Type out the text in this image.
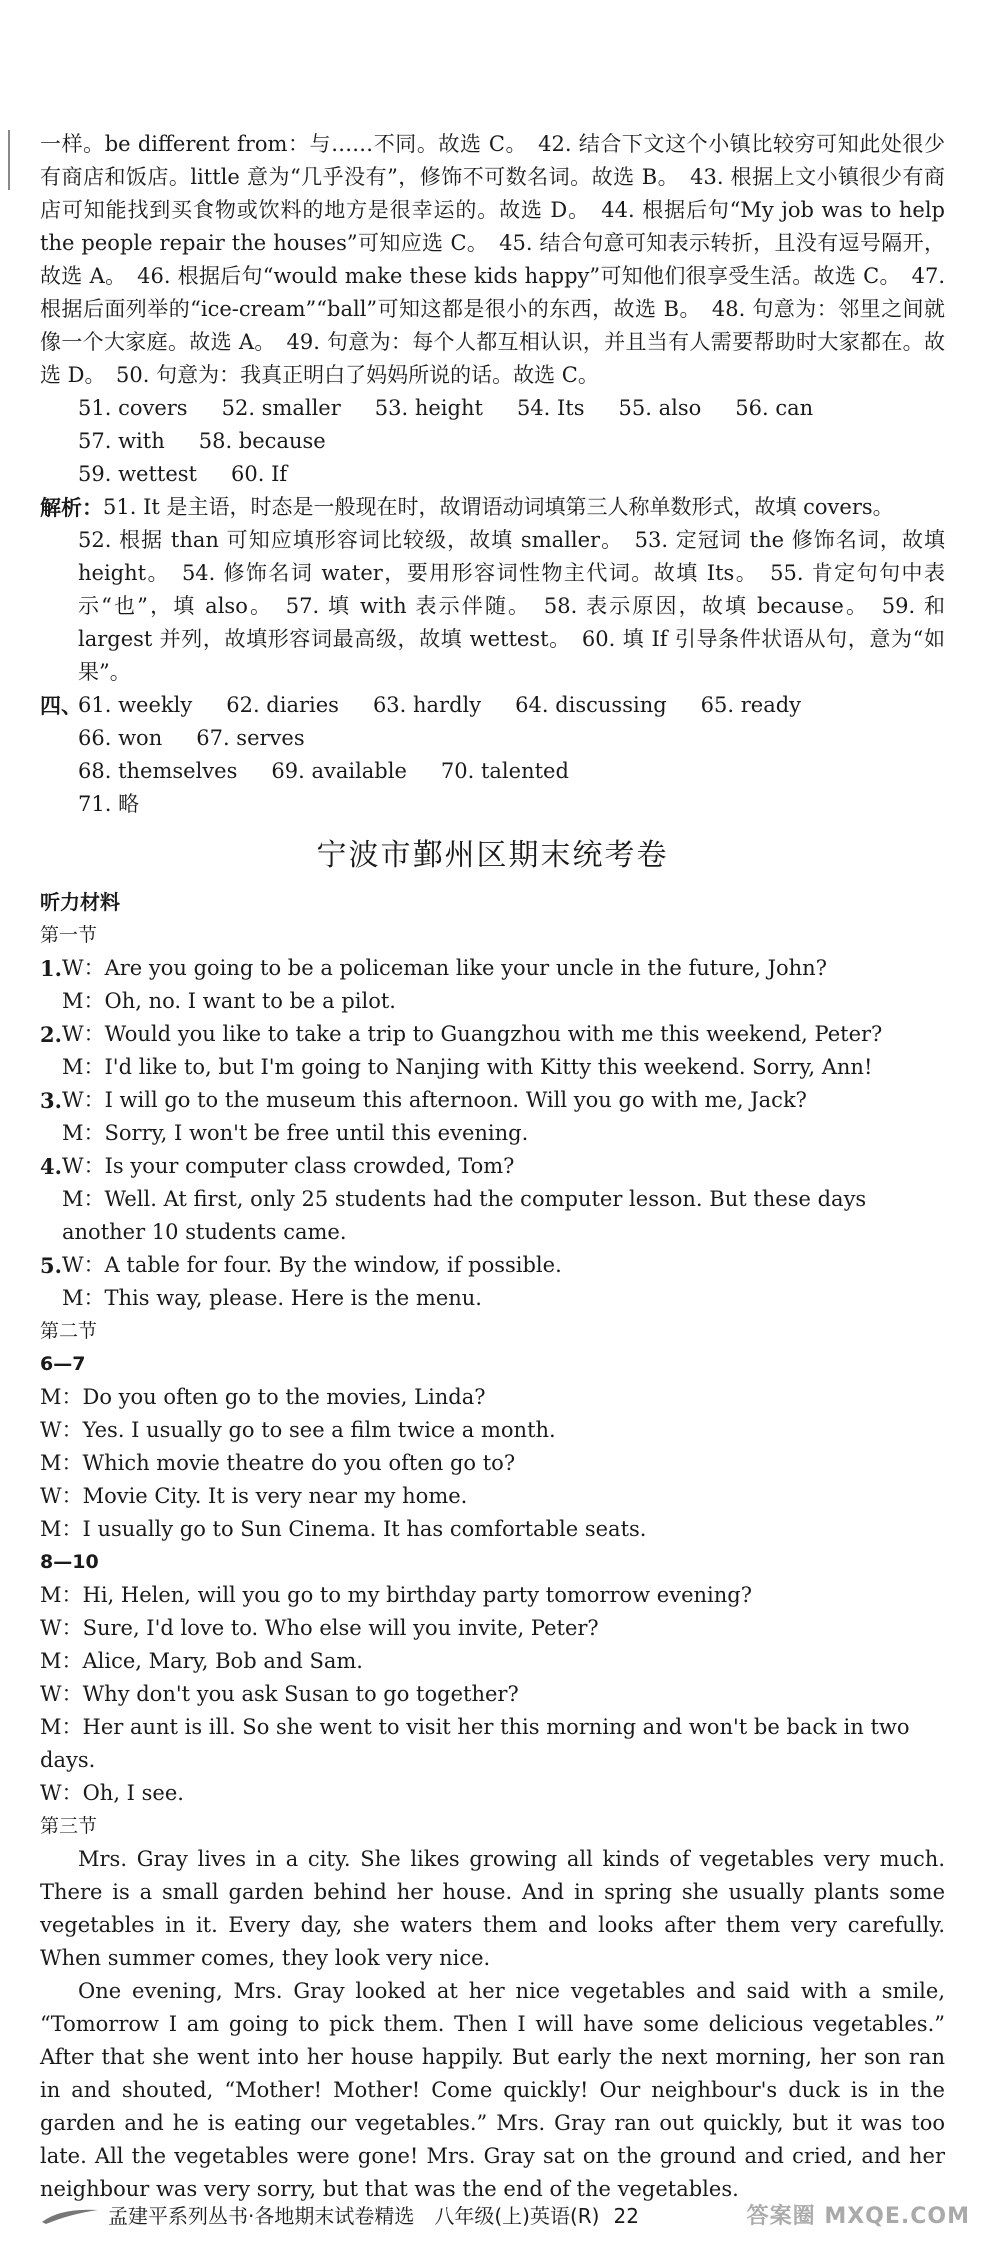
一样。be different from：与……不同。故选 C。　42. 结合下文这个小镇比较穷可知此处很少有商店和饭店。little 意为“几乎没有”，修饰不可数名词。故选 B。　43. 根据上文小镇很少有商店可知能找到买食物或饮料的地方是很幸运的。故选 D。　44. 根据后句“My job was to help the people repair the houses”可知应选 C。　45. 结合句意可知表示转折，且没有逗号隔开，故选 A。　46. 根据后句“would make these kids happy”可知他们很享受生活。故选 C。　47. 根据后面列举的“ice-cream”“ball”可知这都是很小的东西，故选 B。　48. 句意为：邻里之间就像一个大家庭。故选 A。　49. 句意为：每个人都互相认识，并且当有人需要帮助时大家都在。故选 D。　50. 句意为：我真正明白了妈妈所说的话。故选 C。

51. covers 52. smaller 53. height 54. Its 55. also 56. can
57. with 58. because
59. wettest 60. If
解析： 51. It 是主语，时态是一般现在时，故谓语动词填第三人称单数形式，故填 covers。

52. 根据 than 可知应填形容词比较级，故填 smaller。　53. 定冠词 the 修饰名词，故填 height。　54. 修饰名词 water，要用形容词性物主代词。故填 Its。　55. 肯定句句中表示“也”，填 also。　57. 填 with 表示伴随。　58. 表示原因，故填 because。　59. 和 largest 并列，故填形容词最高级，故填 wettest。　60. 填 If 引导条件状语从句，意为“如果”。

四、
61. weekly 62. diaries 63. hardly 64. discussing 65. ready
66. won 67. serves
68. themselves 69. available 70. talented

71. 略

宁波市鄞州区期末统考卷
听力材料
第一节
1. W：Are you going to be a policeman like your uncle in the future, John?
M：Oh, no. I want to be a pilot.
2. W：Would you like to take a trip to Guangzhou with me this weekend, Peter?
M：I'd like to, but I'm going to Nanjing with Kitty this weekend. Sorry, Ann!
3. W：I will go to the museum this afternoon. Will you go with me, Jack?
M：Sorry, I won't be free until this evening.
4. W：Is your computer class crowded, Tom?
M：Well. At first, only 25 students had the computer lesson. But these days another 10 students came.
5. W：A table for four. By the window, if possible.
M：This way, please. Here is the menu.
第二节
6—7
M：Do you often go to the movies, Linda?
W：Yes. I usually go to see a film twice a month.
M：Which movie theatre do you often go to?
W：Movie City. It is very near my home.
M：I usually go to Sun Cinema. It has comfortable seats.
8—10
M：Hi, Helen, will you go to my birthday party tomorrow evening?
W：Sure, I'd love to. Who else will you invite, Peter?
M：Alice, Mary, Bob and Sam.
W：Why don't you ask Susan to go together?
M：Her aunt is ill. So she went to visit her this morning and won't be back in two days.
W：Oh, I see.
第三节

Mrs. Gray lives in a city. She likes growing all kinds of vegetables very much. There is a small garden behind her house. And in spring she usually plants some vegetables in it. Every day, she waters them and looks after them very carefully. When summer comes, they look very nice.

One evening, Mrs. Gray looked at her nice vegetables and said with a smile, “Tomorrow I am going to pick them. Then I will have some delicious vegetables.” After that she went into her house happily. But early the next morning, her son ran in and shouted, “Mother! Mother! Come quickly! Our neighbour's duck is in the garden and he is eating our vegetables.” Mrs. Gray ran out quickly, but it was too late. All the vegetables were gone! Mrs. Gray sat on the ground and cried, and her neighbour was very sorry, but that was the end of the vegetables.

孟建平系列丛书·各地期末试卷精选　八年级(上)英语(R) 22	答案圈 MXQE.COM
